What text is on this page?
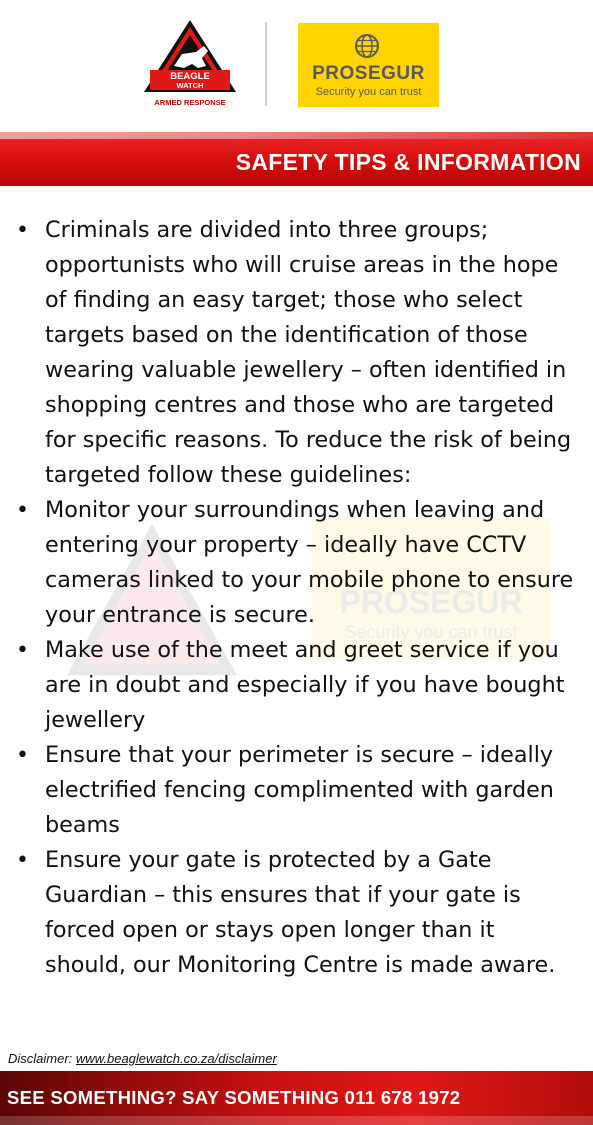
BEAGLE
WATCH
ARMED RESPONSE
PROSEGUR
Security you can trust
SAFETY TIPS & INFORMATION
PROSEGUR
Security you can trust
• Criminals are divided into three groups; opportunists who will cruise areas in the hope of finding an easy target; those who select targets based on the identification of those wearing valuable jewellery – often identified in shopping centres and those who are targeted for specific reasons. To reduce the risk of being targeted follow these guidelines:
• Monitor your surroundings when leaving and entering your property – ideally have CCTV cameras linked to your mobile phone to ensure your entrance is secure.
• Make use of the meet and greet service if you are in doubt and especially if you have bought jewellery
• Ensure that your perimeter is secure – ideally electrified fencing complimented with garden beams
• Ensure your gate is protected by a Gate Guardian – this ensures that if your gate is forced open or stays open longer than it should, our Monitoring Centre is made aware.
Disclaimer: www.beaglewatch.co.za/disclaimer
SEE SOMETHING? SAY SOMETHING 011 678 1972
